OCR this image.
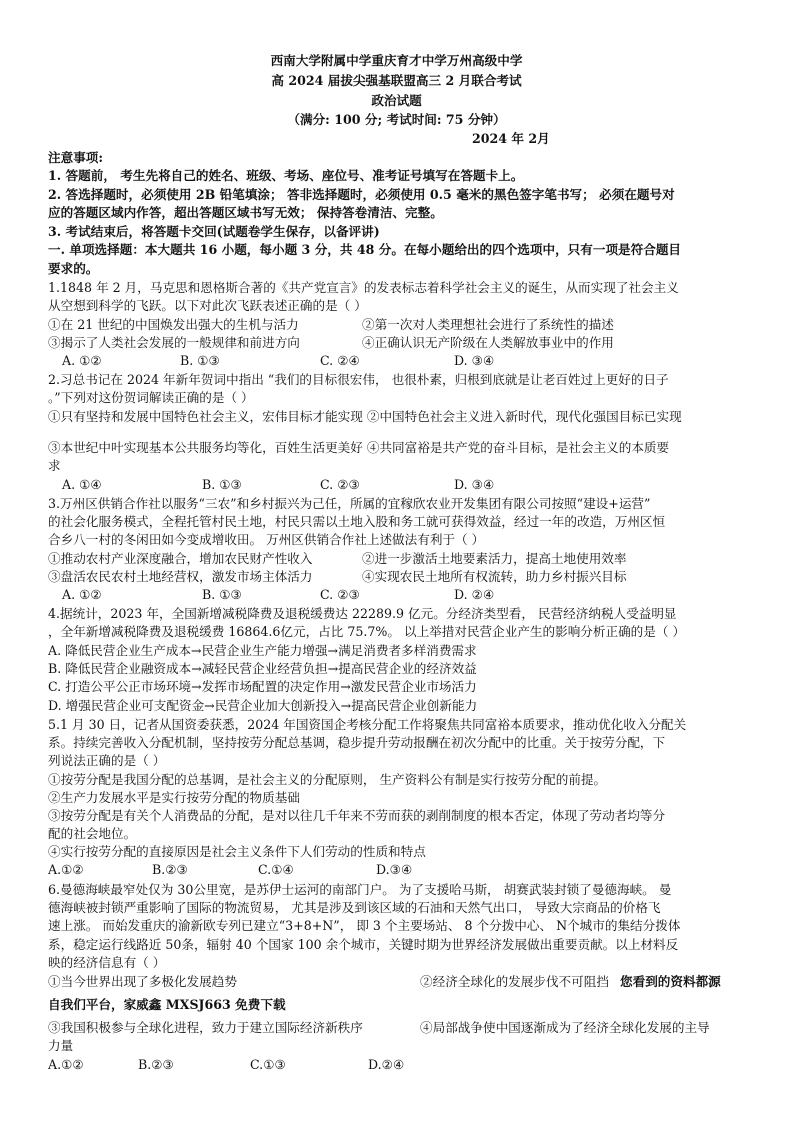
西南大学附属中学重庆育才中学万州高级中学
高 2024 届拔尖强基联盟高三 2 月联合考试
政治试题
（满分: 100 分; 考试时间: 75 分钟）
2024 年 2月
注意事项:
1. 答题前， 考生先将自己的姓名、班级、考场、座位号、准考证号填写在答题卡上。
2. 答选择题时，必须使用 2B 铅笔填涂； 答非选择题时，必须使用 0.5 毫米的黑色签字笔书写； 必须在题号对
应的答题区域内作答，超出答题区域书写无效； 保持答卷清洁、完整。
3. 考试结束后，将答题卡交回(试题卷学生保存，以备评讲)
一. 单项选择题：本大题共 16 小题，每小题 3 分，共 48 分。在每小题给出的四个选项中，只有一项是符合题目
要求的。
1.1848 年 2 月，马克思和恩格斯合著的《共产党宣言》的发表标志着科学社会主义的诞生，从而实现了社会主义
从空想到科学的飞跃。以下对此次飞跃表述正确的是（ ）
①在 21 世纪的中国焕发出强大的生机与活力	②第一次对人类理想社会进行了系统性的描述
③揭示了人类社会发展的一般规律和前进方向	④正确认识无产阶级在人类解放事业中的作用
A. ①②	B. ①③	C. ②④	D. ③④
2.习总书记在 2024 年新年贺词中指出 “我们的目标很宏伟， 也很朴素，归根到底就是让老百姓过上更好的日子
。”下列对这份贺词解读正确的是（ ）
①只有坚持和发展中国特色社会主义，宏伟目标才能实现 ②中国特色社会主义进入新时代，现代化强国目标已实现
③本世纪中叶实现基本公共服务均等化，百姓生活更美好 ④共同富裕是共产党的奋斗目标，是社会主义的本质要
求
A. ①④	B. ①③	C. ②③	D. ③④
3.万州区供销合作社以服务“三农”和乡村振兴为己任，所属的宜稼欣农业开发集团有限公司按照“建设+运营”
的社会化服务模式，全程托管村民土地，村民只需以土地入股和务工就可获得效益，经过一年的改造，万州区恒
合乡八一村的冬闲田如今变成增收田。 万州区供销合作社上述做法有利于（ ）
①推动农村产业深度融合，增加农民财产性收入	②进一步激活土地要素活力，提高土地使用效率
③盘活农民农村土地经营权，激发市场主体活力	④实现农民土地所有权流转，助力乡村振兴目标
A. ①②	B. ①③	C. ②③	D. ②④
4.据统计，2023 年，全国新增减税降费及退税缓费达 22289.9 亿元。分经济类型看， 民营经济纳税人受益明显
，全年新增减税降费及退税缓费 16864.6亿元，占比 75.7%。 以上举措对民营企业产生的影响分析正确的是（ ）
A. 降低民营企业生产成本→民营企业生产能力增强→满足消费者多样消费需求
B. 降低民营企业融资成本→减轻民营企业经营负担→提高民营企业的经济效益
C. 打造公平公正市场环境→发挥市场配置的决定作用→激发民营企业市场活力
D. 增强民营企业可支配资金→民营企业加大创新投入→提高民营企业创新能力
5.1 月 30 日，记者从国资委获悉，2024 年国资国企考核分配工作将聚焦共同富裕本质要求，推动优化收入分配关
系。持续完善收入分配机制，坚持按劳分配总基调，稳步提升劳动报酬在初次分配中的比重。关于按劳分配，下
列说法正确的是（ ）
①按劳分配是我国分配的总基调，是社会主义的分配原则， 生产资料公有制是实行按劳分配的前提。
②生产力发展水平是实行按劳分配的物质基础
③按劳分配是有关个人消费品的分配，是对以往几千年来不劳而获的剥削制度的根本否定，体现了劳动者均等分
配的社会地位。
④实行按劳分配的直接原因是社会主义条件下人们劳动的性质和特点
A.①②	B.②③	C.①④	D.③④
6.曼德海峡最窄处仅为 30公里宽，是苏伊士运河的南部门户。 为了支援哈马斯， 胡赛武装封锁了曼德海峡。 曼
德海峡被封锁严重影响了国际的物流贸易， 尤其是涉及到该区域的石油和天然气出口， 导致大宗商品的价格飞
速上涨。 而始发重庆的渝新欧专列已建立“3+8+N”， 即 3 个主要场站、 8 个分拨中心、 N个城市的集结分拨体
系，稳定运行线路近 50条，辐射 40 个国家 100 余个城市，关键时期为世界经济发展做出重要贡献。以上材料反
映的经济信息有（ ）
①当今世界出现了多极化发展趋势	②经济全球化的发展步伐不可阻挡 您看到的资料都源
自我们平台，家威鑫 MXSJ663 免费下载
③我国积极参与全球化进程，致力于建立国际经济新秩序	④局部战争使中国逐渐成为了经济全球化发展的主导
力量
A.①②	B.②③	C.①③	D.②④
